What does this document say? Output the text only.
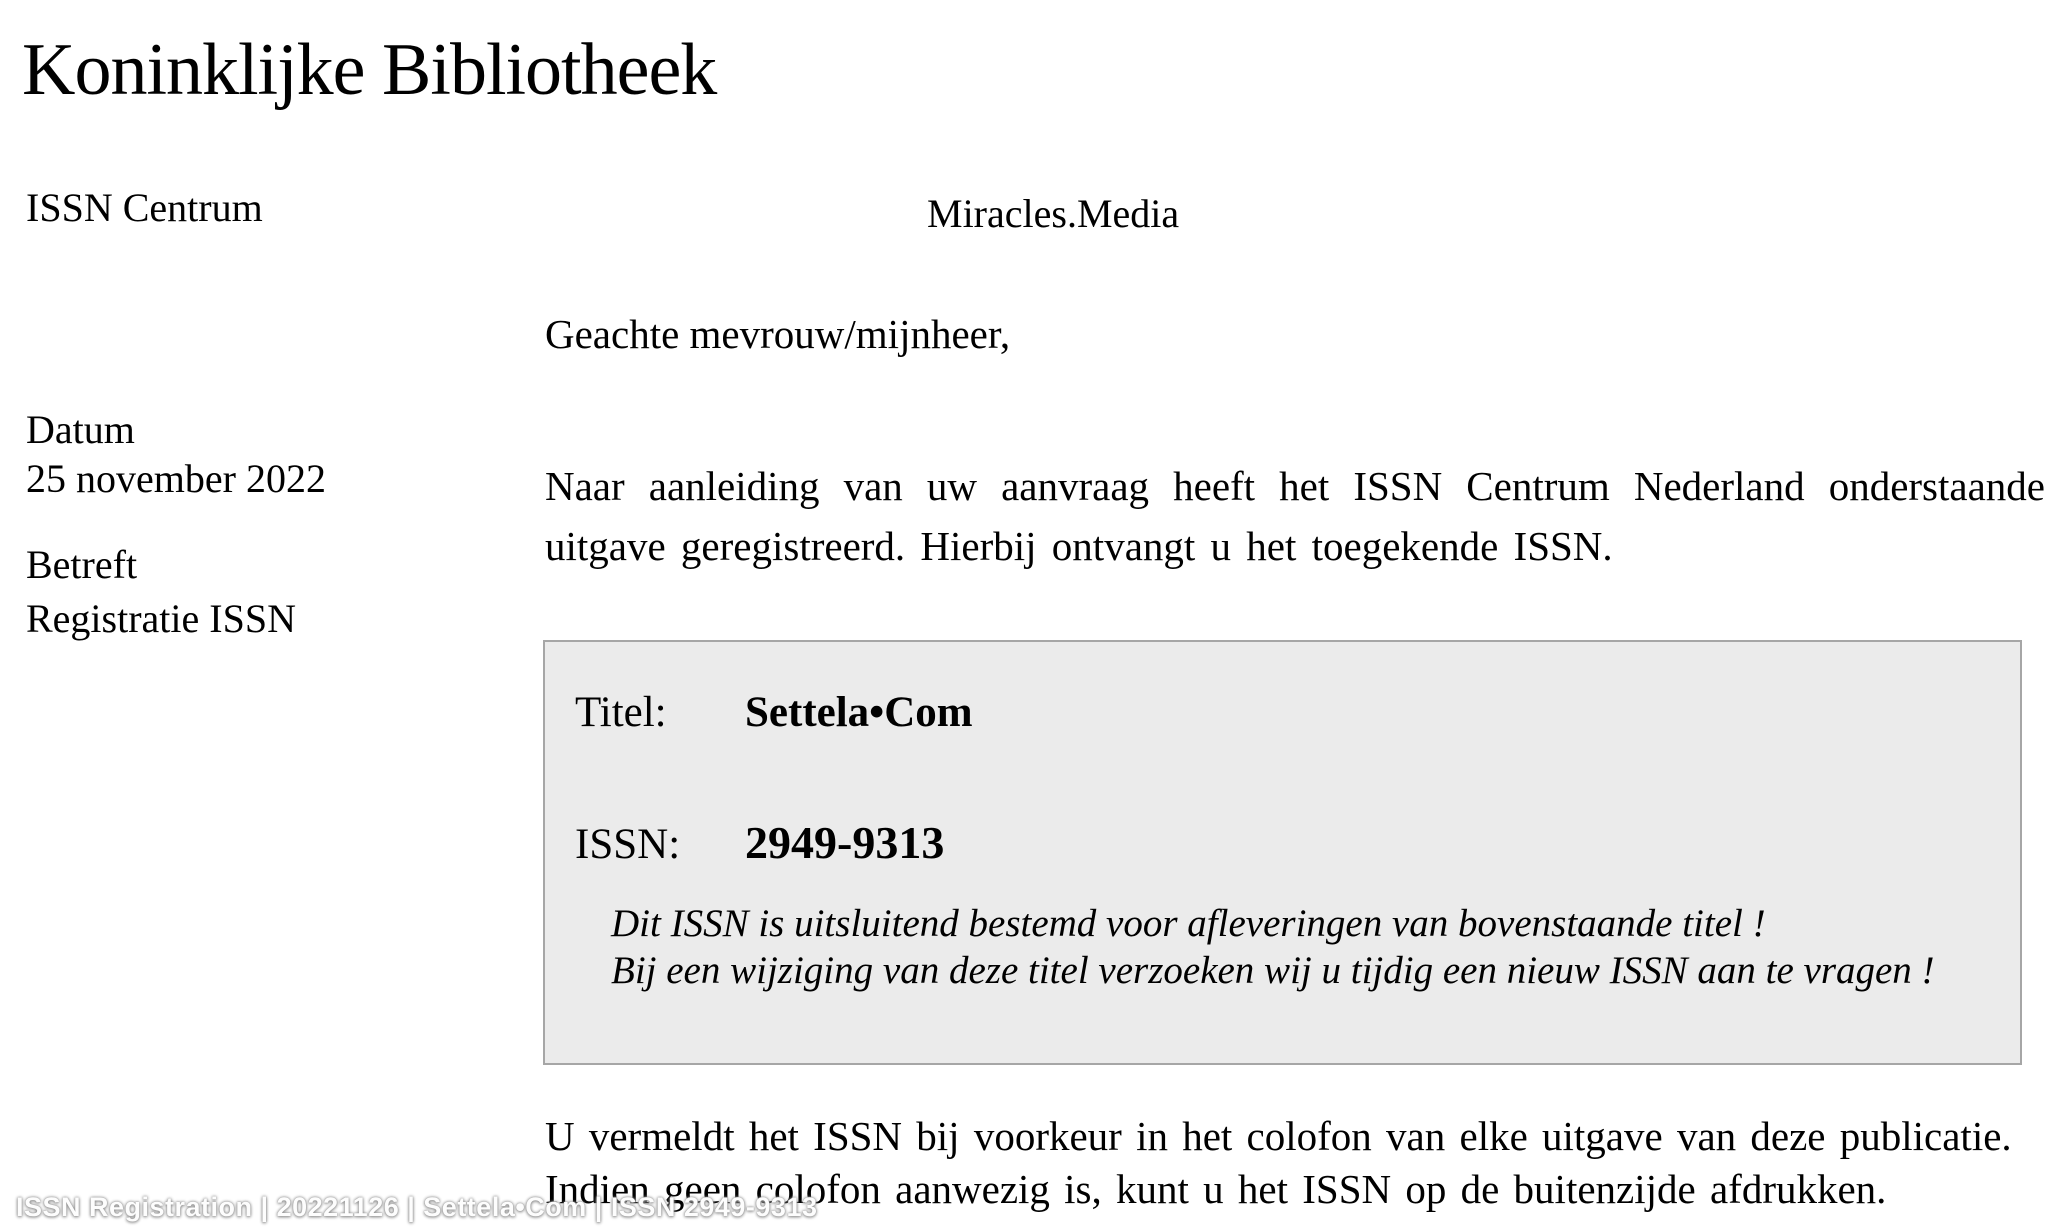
Koninklijke Bibliotheek
ISSN Centrum	Miracles.Media
Datum
25 november 2022
Betreft
Registratie ISSN
Geachte mevrouw/mijnheer,

Naar aanleiding van uw aanvraag heeft het ISSN Centrum Nederland onderstaande uitgave geregistreerd. Hierbij ontvangt u het toegekende ISSN.

Titel: Settela•Com
ISSN: 2949-9313
Dit ISSN is uitsluitend bestemd voor afleveringen van bovenstaande titel !
Bij een wijziging van deze titel verzoeken wij u tijdig een nieuw ISSN aan te vragen !

U vermeldt het ISSN bij voorkeur in het colofon van elke uitgave van deze publicatie. Indien geen colofon aanwezig is, kunt u het ISSN op de buitenzijde afdrukken.

ISSN Registration | 20221126 | Settela•Com | ISSN 2949-9313
